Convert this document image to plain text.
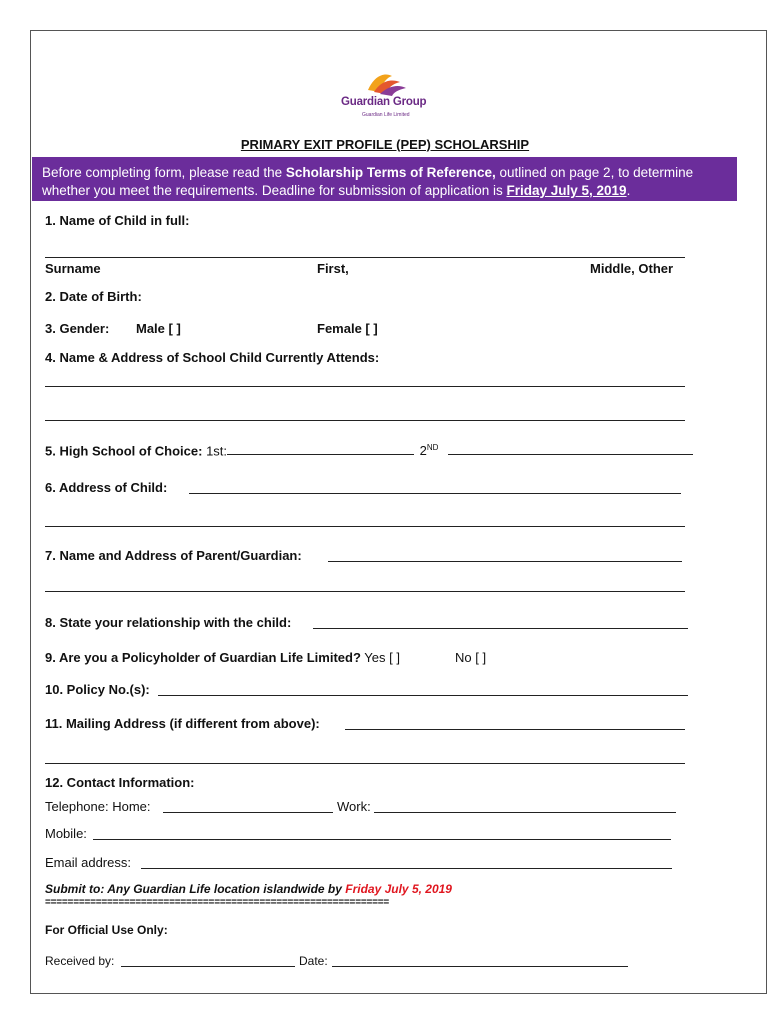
Guardian Group
Guardian Life Limited
PRIMARY EXIT PROFILE (PEP) SCHOLARSHIP
Before completing form, please read the Scholarship Terms of Reference, outlined on page 2, to determine
whether you meet the requirements. Deadline for submission of application is Friday July 5, 2019.
1. Name of Child in full:
Surname	First,	Middle, Other
2. Date of Birth:
3. Gender: Male [ ]	Female [ ]
4. Name & Address of School Child Currently Attends:
5. High School of Choice: 1st:	2ND
6. Address of Child:
7. Name and Address of Parent/Guardian:
8. State your relationship with the child:
9. Are you a Policyholder of Guardian Life Limited? Yes [ ]	No [ ]
10. Policy No.(s):
11. Mailing Address (if different from above):
12. Contact Information:
Telephone: Home:	Work:
Mobile:
Email address:
Submit to: Any Guardian Life location islandwide by Friday July 5, 2019
=============================================================
For Official Use Only:
Received by:	Date:
